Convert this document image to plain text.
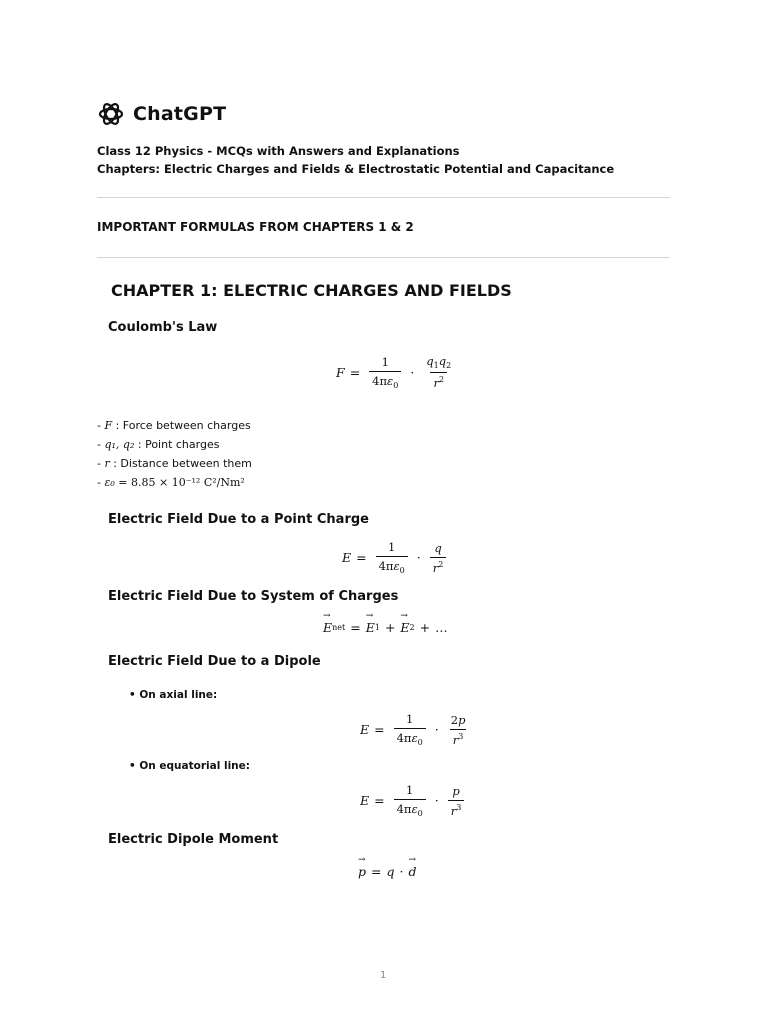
ChatGPT
Class 12 Physics - MCQs with Answers and Explanations
Chapters: Electric Charges and Fields & Electrostatic Potential and Capacitance
IMPORTANT FORMULAS FROM CHAPTERS 1 & 2
CHAPTER 1: ELECTRIC CHARGES AND FIELDS
Coulomb's Law
$F = \frac{1}{4\pi\varepsilon_0} \cdot \frac{q_1q_2}{r^2}$
- F : Force between charges
- q₁, q₂ : Point charges
- r : Distance between them
- ε₀ = 8.85 × 10⁻¹² C²/Nm²
Electric Field Due to a Point Charge
$E = \frac{1}{4\pi\varepsilon_0} \cdot \frac{q}{r^2}$
Electric Field Due to System of Charges
→ E net = → E 1 + → E 2 + …
Electric Field Due to a Dipole
• On axial line:
$E = \frac{1}{4\pi\varepsilon_0} \cdot \frac{2p}{r^3}$
• On equatorial line:
$E = \frac{1}{4\pi\varepsilon_0} \cdot \frac{p}{r^3}$
Electric Dipole Moment
→ p = q · → d
1
